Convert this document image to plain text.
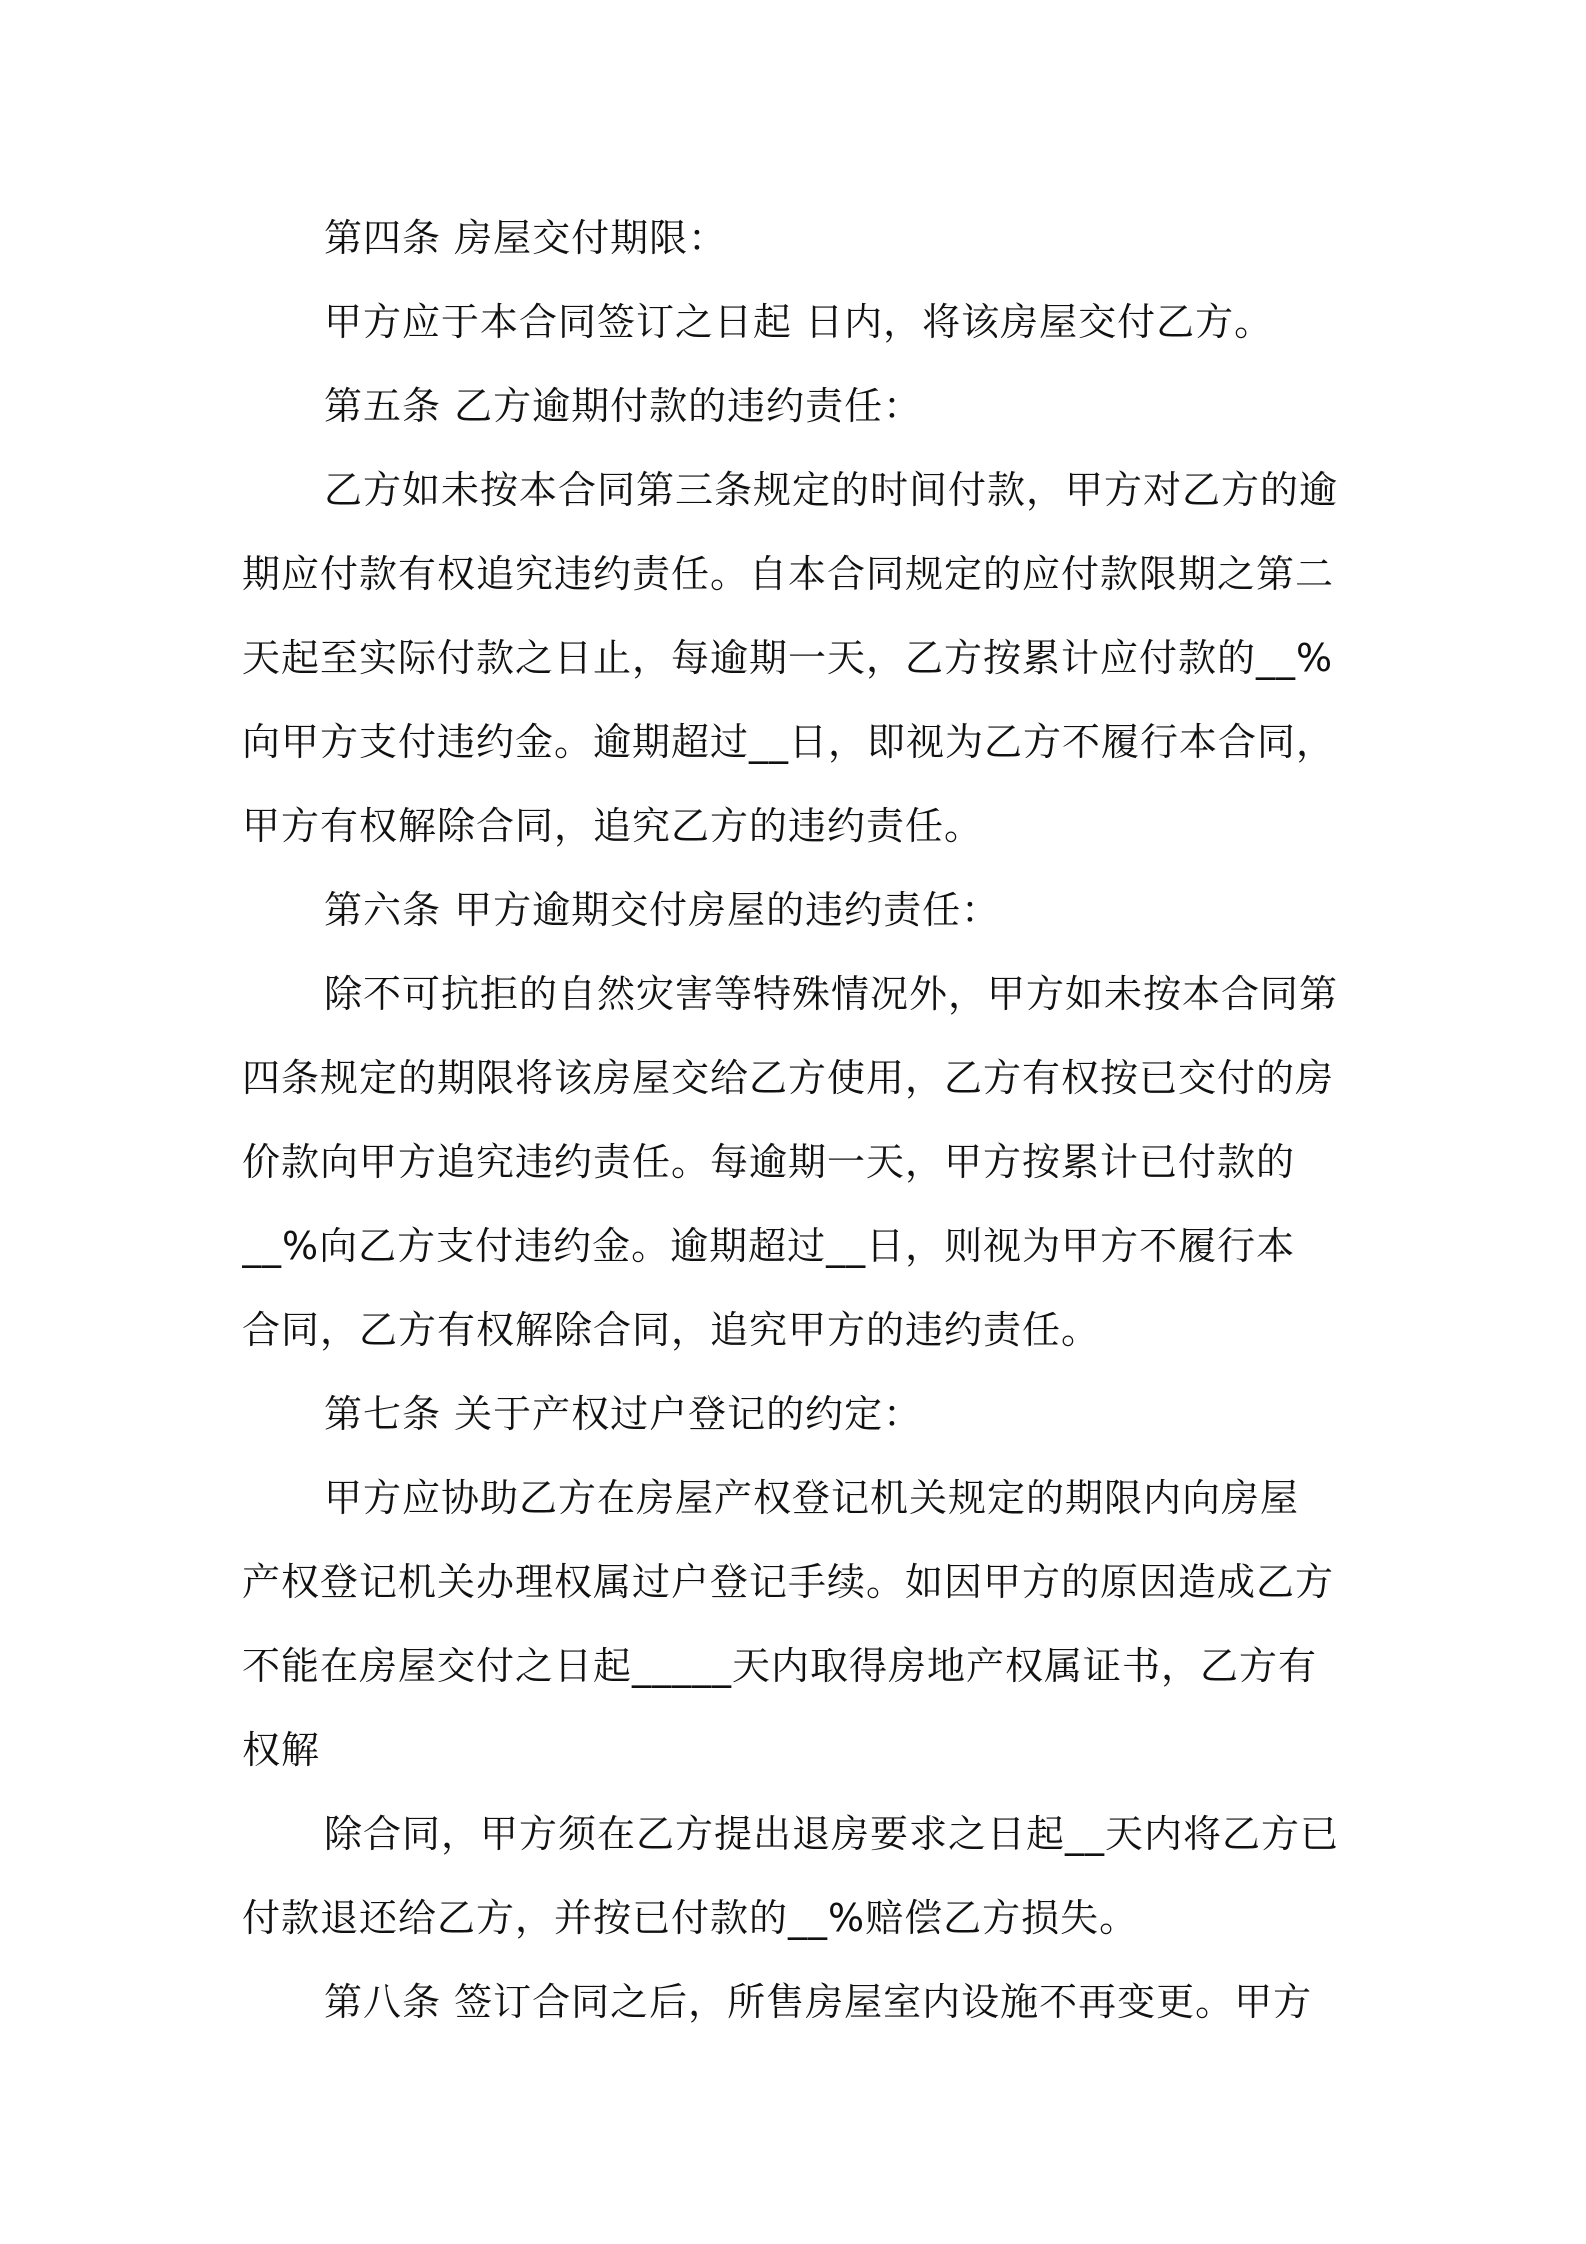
第四条 房屋交付期限：
甲方应于本合同签订之日起 日内，将该房屋交付乙方。
第五条 乙方逾期付款的违约责任：
乙方如未按本合同第三条规定的时间付款，甲方对乙方的逾
期应付款有权追究违约责任。自本合同规定的应付款限期之第二
天起至实际付款之日止，每逾期一天，乙方按累计应付款的__%
向甲方支付违约金。逾期超过__日，即视为乙方不履行本合同，
甲方有权解除合同，追究乙方的违约责任。
第六条 甲方逾期交付房屋的违约责任：
除不可抗拒的自然灾害等特殊情况外，甲方如未按本合同第
四条规定的期限将该房屋交给乙方使用，乙方有权按已交付的房
价款向甲方追究违约责任。每逾期一天，甲方按累计已付款的
__%向乙方支付违约金。逾期超过__日，则视为甲方不履行本
合同，乙方有权解除合同，追究甲方的违约责任。
第七条 关于产权过户登记的约定：
甲方应协助乙方在房屋产权登记机关规定的期限内向房屋
产权登记机关办理权属过户登记手续。如因甲方的原因造成乙方
不能在房屋交付之日起_____天内取得房地产权属证书，乙方有
权解
除合同，甲方须在乙方提出退房要求之日起__天内将乙方已
付款退还给乙方，并按已付款的__%赔偿乙方损失。
第八条 签订合同之后，所售房屋室内设施不再变更。甲方
